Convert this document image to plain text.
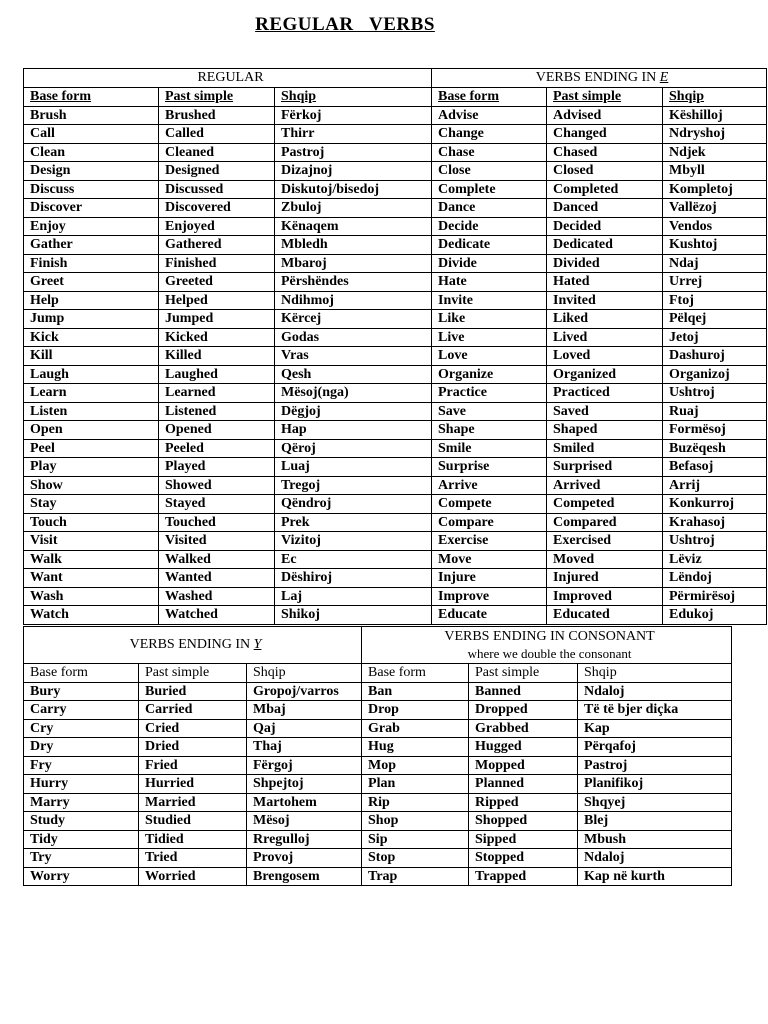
REGULAR   VERBS
REGULAR			VERBS ENDING IN E		
Base form	Past simple	Shqip	Base form	Past simple	Shqip
Brush	Brushed	Fërkoj	Advise	Advised	Këshilloj
Call	Called	Thirr	Change	Changed	Ndryshoj
Clean	Cleaned	Pastroj	Chase	Chased	Ndjek
Design	Designed	Dizajnoj	Close	Closed	Mbyll
Discuss	Discussed	Diskutoj/bisedoj	Complete	Completed	Kompletoj
Discover	Discovered	Zbuloj	Dance	Danced	Vallëzoj
Enjoy	Enjoyed	Kënaqem	Decide	Decided	Vendos
Gather	Gathered	Mbledh	Dedicate	Dedicated	Kushtoj
Finish	Finished	Mbaroj	Divide	Divided	Ndaj
Greet	Greeted	Përshëndes	Hate	Hated	Urrej
Help	Helped	Ndihmoj	Invite	Invited	Ftoj
Jump	Jumped	Kërcej	Like	Liked	Pëlqej
Kick	Kicked	Godas	Live	Lived	Jetoj
Kill	Killed	Vras	Love	Loved	Dashuroj
Laugh	Laughed	Qesh	Organize	Organized	Organizoj
Learn	Learned	Mësoj(nga)	Practice	Practiced	Ushtroj
Listen	Listened	Dëgjoj	Save	Saved	Ruaj
Open	Opened	Hap	Shape	Shaped	Formësoj
Peel	Peeled	Qëroj	Smile	Smiled	Buzëqesh
Play	Played	Luaj	Surprise	Surprised	Befasoj
Show	Showed	Tregoj	Arrive	Arrived	Arrij
Stay	Stayed	Qëndroj	Compete	Competed	Konkurroj
Touch	Touched	Prek	Compare	Compared	Krahasoj
Visit	Visited	Vizitoj	Exercise	Exercised	Ushtroj
Walk	Walked	Ec	Move	Moved	Lëviz
Want	Wanted	Dëshiroj	Injure	Injured	Lëndoj
Wash	Washed	Laj	Improve	Improved	Përmirësoj
Watch	Watched	Shikoj	Educate	Educated	Edukoj
VERBS ENDING IN Y			VERBS ENDING IN CONSONANT
where we double the consonant		

Base form	Past simple	Shqip	Base form	Past simple	Shqip
Bury	Buried	Gropoj/varros	Ban	Banned	Ndaloj
Carry	Carried	Mbaj	Drop	Dropped	Të të bjer diçka
Cry	Cried	Qaj	Grab	Grabbed	Kap
Dry	Dried	Thaj	Hug	Hugged	Përqafoj
Fry	Fried	Fërgoj	Mop	Mopped	Pastroj
Hurry	Hurried	Shpejtoj	Plan	Planned	Planifikoj
Marry	Married	Martohem	Rip	Ripped	Shqyej
Study	Studied	Mësoj	Shop	Shopped	Blej
Tidy	Tidied	Rregulloj	Sip	Sipped	Mbush
Try	Tried	Provoj	Stop	Stopped	Ndaloj
Worry	Worried	Brengosem	Trap	Trapped	Kap në kurth
